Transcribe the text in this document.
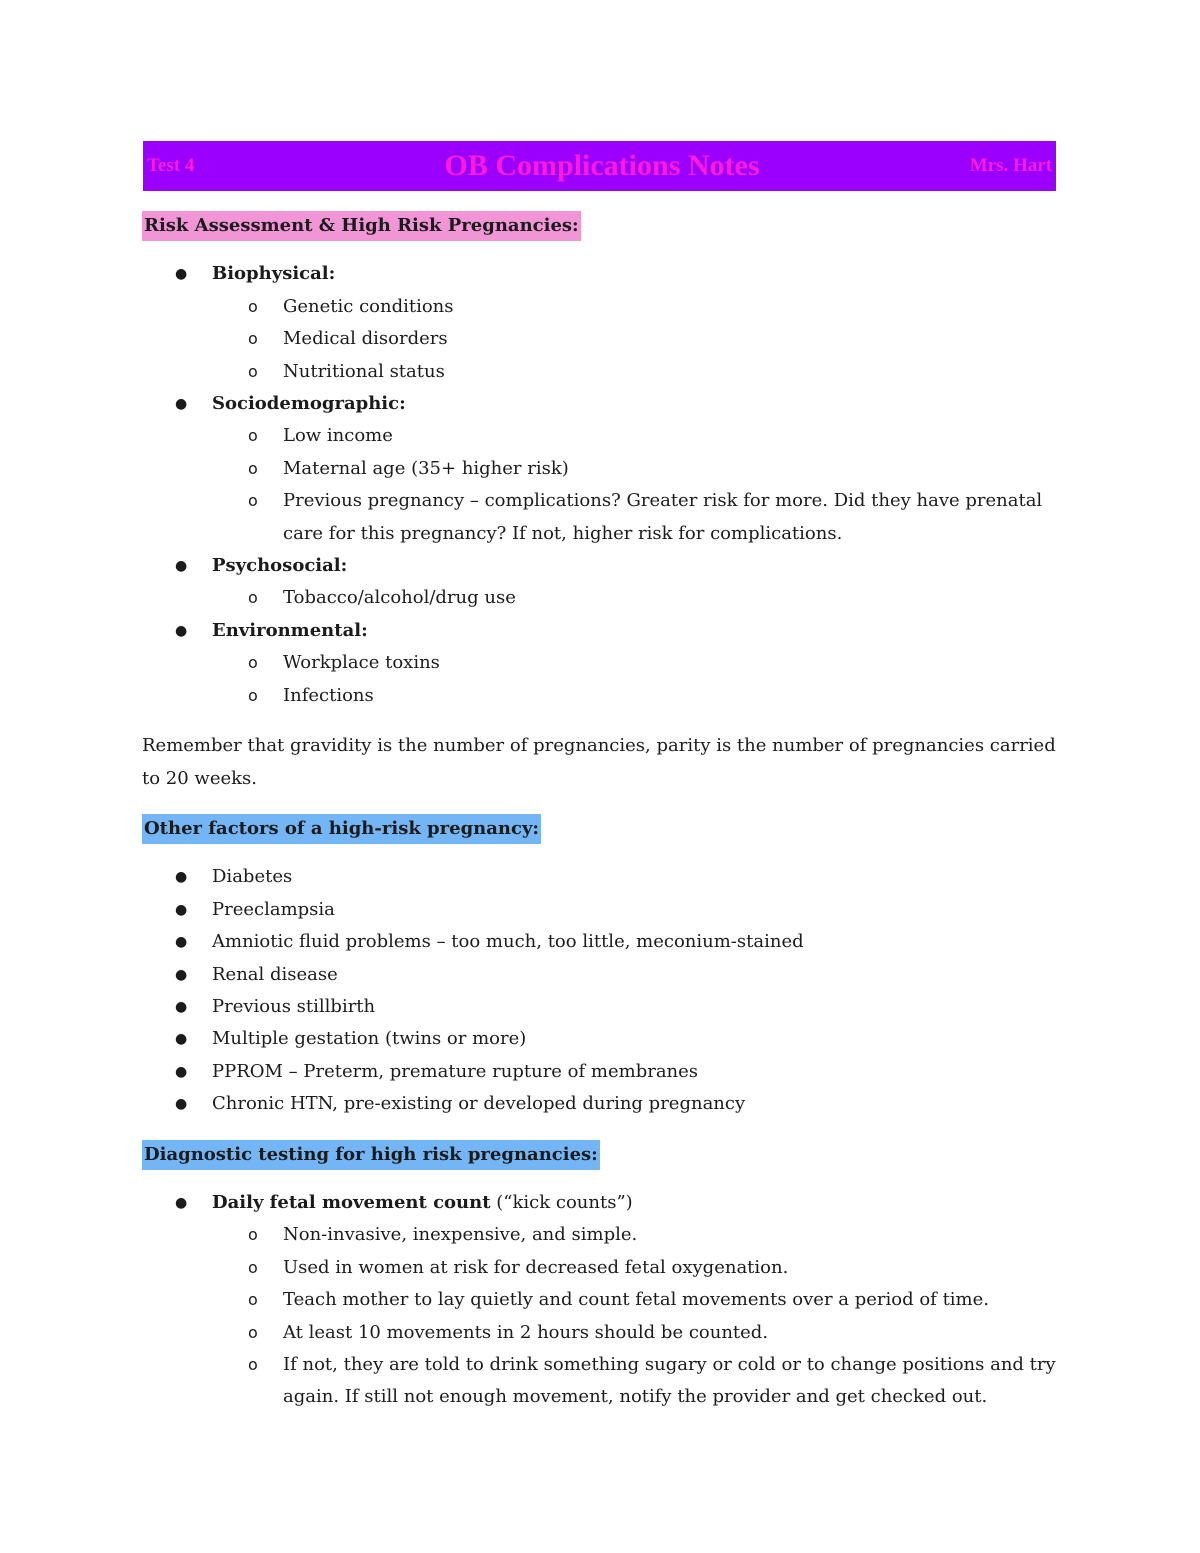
Test 4	OB Complications Notes	Mrs. Hart
Risk Assessment & High Risk Pregnancies:
● Biophysical:
o Genetic conditions
o Medical disorders
o Nutritional status
● Sociodemographic:
o Low income
o Maternal age (35+ higher risk)
o Previous pregnancy – complications? Greater risk for more. Did they have prenatal care for this pregnancy? If not, higher risk for complications.
● Psychosocial:
o Tobacco/alcohol/drug use
● Environmental:
o Workplace toxins
o Infections

Remember that gravidity is the number of pregnancies, parity is the number of pregnancies carried to 20 weeks.

Other factors of a high-risk pregnancy:
● Diabetes
● Preeclampsia
● Amniotic fluid problems – too much, too little, meconium-stained
● Renal disease
● Previous stillbirth
● Multiple gestation (twins or more)
● PPROM – Preterm, premature rupture of membranes
● Chronic HTN, pre-existing or developed during pregnancy
Diagnostic testing for high risk pregnancies:
● Daily fetal movement count (“kick counts”)
o Non-invasive, inexpensive, and simple.
o Used in women at risk for decreased fetal oxygenation.
o Teach mother to lay quietly and count fetal movements over a period of time.
o At least 10 movements in 2 hours should be counted.
o If not, they are told to drink something sugary or cold or to change positions and try again. If still not enough movement, notify the provider and get checked out.
